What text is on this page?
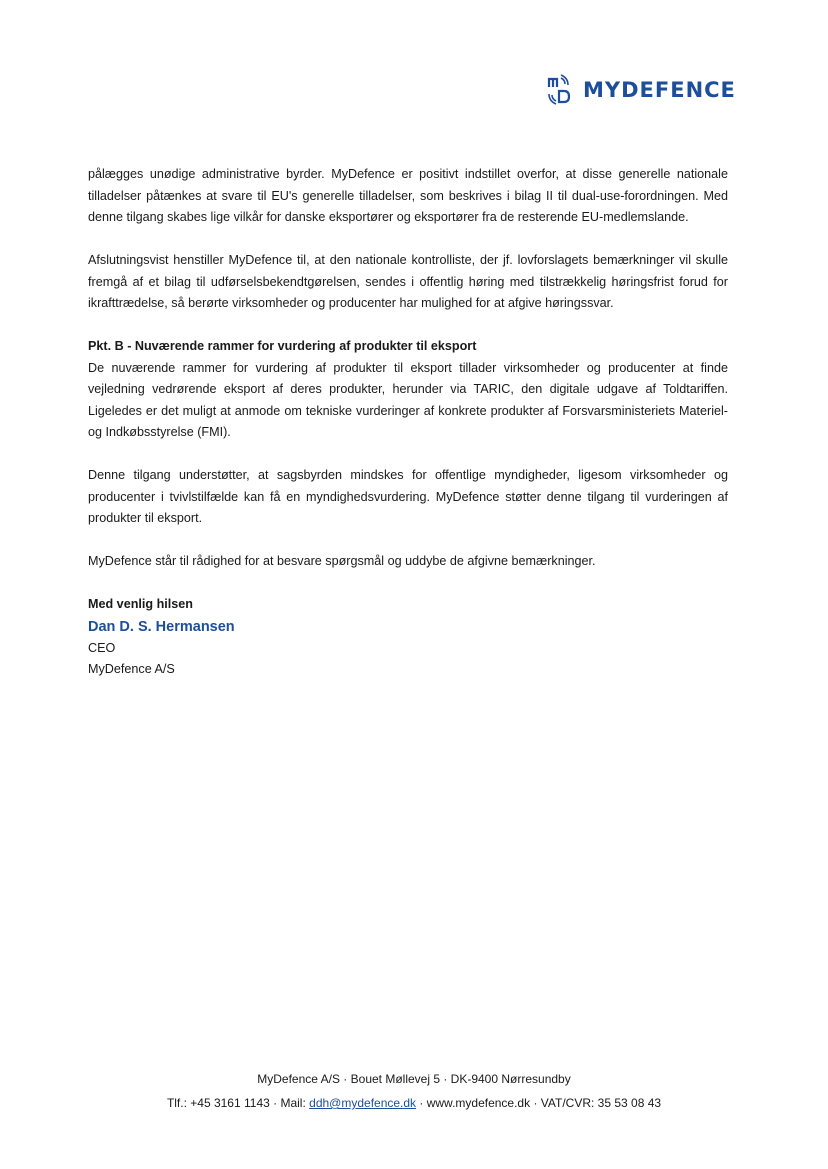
MYDEFENCE

pålægges unødige administrative byrder. MyDefence er positivt indstillet overfor, at disse generelle nationale tilladelser påtænkes at svare til EU's generelle tilladelser, som beskrives i bilag II til dual-use-forordningen. Med denne tilgang skabes lige vilkår for danske eksportører og eksportører fra de resterende EU-medlemslande.

Afslutningsvist henstiller MyDefence til, at den nationale kontrolliste, der jf. lovforslagets bemærkninger vil skulle fremgå af et bilag til udførselsbekendtgørelsen, sendes i offentlig høring med tilstrækkelig høringsfrist forud for ikrafttrædelse, så berørte virksomheder og producenter har mulighed for at afgive høringssvar.

Pkt. B - Nuværende rammer for vurdering af produkter til eksport

De nuværende rammer for vurdering af produkter til eksport tillader virksomheder og producenter at finde vejledning vedrørende eksport af deres produkter, herunder via TARIC, den digitale udgave af Toldtariffen. Ligeledes er det muligt at anmode om tekniske vurderinger af konkrete produkter af Forsvarsministeriets Materiel- og Indkøbsstyrelse (FMI).

Denne tilgang understøtter, at sagsbyrden mindskes for offentlige myndigheder, ligesom virksomheder og producenter i tvivlstilfælde kan få en myndighedsvurdering. MyDefence støtter denne tilgang til vurderingen af produkter til eksport.

MyDefence står til rådighed for at besvare spørgsmål og uddybe de afgivne bemærkninger.

Med venlig hilsen
Dan D. S. Hermansen
CEO
MyDefence A/S
MyDefence A/S · Bouet Møllevej 5 · DK-9400 Nørresundby
Tlf.: +45 3161 1143 · Mail: ddh@mydefence.dk · www.mydefence.dk · VAT/CVR: 35 53 08 43
